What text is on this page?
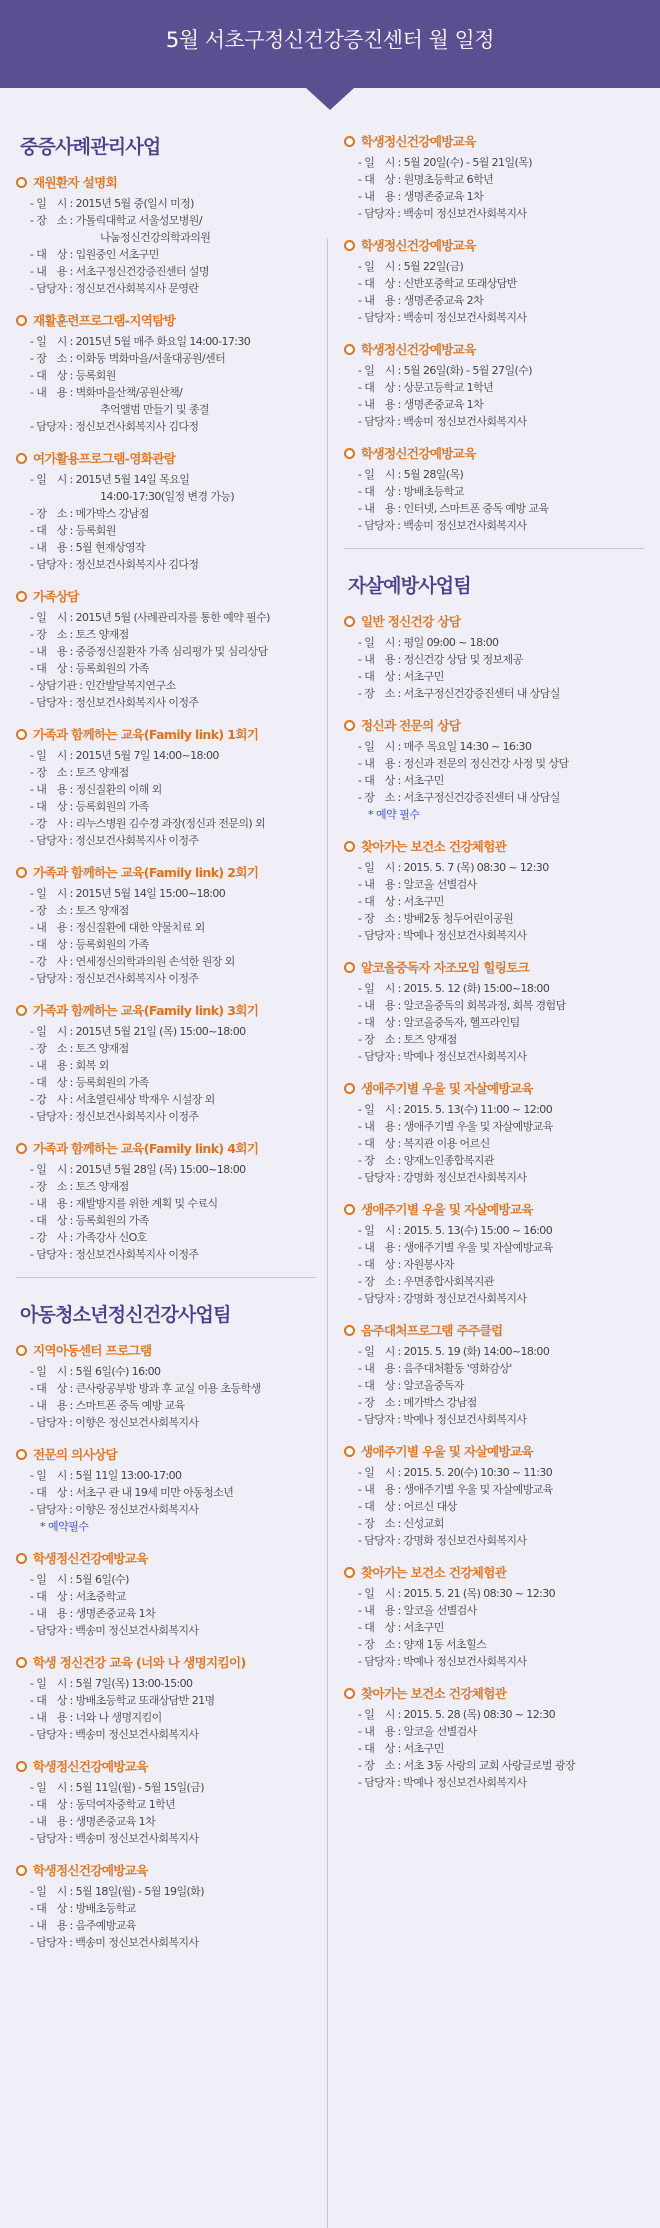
5월 서초구정신건강증진센터 월 일정
중증사례관리사업
재원환자 설명회
- 일　시 : 2015년 5월 중(일시 미정)
- 장　소 : 가톨릭대학교 서울성모병원/
나눔정신건강의학과의원
- 대　상 : 입원중인 서초구민
- 내　용 : 서초구정신건강증진센터 설명
- 담당자 : 정신보건사회복지사 문영란
재활훈련프로그램-지역탐방
- 일　시 : 2015년 5월 매주 화요일 14:00-17:30
- 장　소 : 이화동 벽화마을/서울대공원/센터
- 대　상 : 등록회원
- 내　용 : 벽화마을산책/공원산책/
추억앨범 만들기 및 종결
- 담당자 : 정신보건사회복지사 김다정
여가활용프로그램-영화관람
- 일　시 : 2015년 5월 14일 목요일
14:00-17:30(일정 변경 가능)
- 장　소 : 메가박스 강남점
- 대　상 : 등록회원
- 내　용 : 5월 현재상영작
- 담당자 : 정신보건사회복지사 김다정
가족상담
- 일　시 : 2015년 5월 (사례관리자를 통한 예약 필수)
- 장　소 : 토즈 양재점
- 내　용 : 중증정신질환자 가족 심리평가 및 심리상담
- 대　상 : 등록회원의 가족
- 상담기관 : 인간발달복지연구소
- 담당자 : 정신보건사회복지사 이정주
가족과 함께하는 교육(Family link) 1회기
- 일　시 : 2015년 5월 7일 14:00~18:00
- 장　소 : 토즈 양재점
- 내　용 : 정신질환의 이해 외
- 대　상 : 등록회원의 가족
- 강　사 : 리누스병원 김수경 과장(정신과 전문의) 외
- 담당자 : 정신보건사회복지사 이정주
가족과 함께하는 교육(Family link) 2회기
- 일　시 : 2015년 5월 14일 15:00~18:00
- 장　소 : 토즈 양재점
- 내　용 : 정신질환에 대한 약물치료 외
- 대　상 : 등록회원의 가족
- 강　사 : 연세정신의학과의원 손석한 원장 외
- 담당자 : 정신보건사회복지사 이정주
가족과 함께하는 교육(Family link) 3회기
- 일　시 : 2015년 5월 21일 (목) 15:00~18:00
- 장　소 : 토즈 양재점
- 내　용 : 회복 외
- 대　상 : 등록회원의 가족
- 강　사 : 서초열린세상 박재우 시설장 외
- 담당자 : 정신보건사회복지사 이정주
가족과 함께하는 교육(Family link) 4회기
- 일　시 : 2015년 5월 28일 (목) 15:00~18:00
- 장　소 : 토즈 양재점
- 내　용 : 재발방지를 위한 계획 및 수료식
- 대　상 : 등록회원의 가족
- 강　사 : 가족강사 신O호
- 담당자 : 정신보건사회복지사 이정주
아동청소년정신건강사업팀
지역아동센터 프로그램
- 일　시 : 5월 6일(수) 16:00
- 대　상 : 큰사랑공부방 방과 후 교실 이용 초등학생
- 내　용 : 스마트폰 중독 예방 교육
- 담당자 : 이향은 정신보건사회복지사
전문의 의사상담
- 일　시 : 5월 11일 13:00-17:00
- 대　상 : 서초구 관 내 19세 미만 아동청소년
- 담당자 : 이향은 정신보건사회복지사
* 예약필수
학생정신건강예방교육
- 일　시 : 5월 6일(수)
- 대　상 : 서초중학교
- 내　용 : 생명존중교육 1차
- 담당자 : 백송미 정신보건사회복지사
학생 정신건강 교육 (너와 나 생명지킴이)
- 일　시 : 5월 7일(목) 13:00-15:00
- 대　상 : 방배초등학교 또래상담반 21명
- 내　용 : 너와 나 생명지킴이
- 담당자 : 백송미 정신보건사회복지사
학생정신건강예방교육
- 일　시 : 5월 11일(월) - 5월 15일(금)
- 대　상 : 동덕여자중학교 1학년
- 내　용 : 생명존중교육 1차
- 담당자 : 백송미 정신보건사회복지사
학생정신건강예방교육
- 일　시 : 5월 18일(월) - 5월 19일(화)
- 대　상 : 방배초등학교
- 내　용 : 음주예방교육
- 담당자 : 백송미 정신보건사회복지사
학생정신건강예방교육
- 일　시 : 5월 20일(수) - 5월 21일(목)
- 대　상 : 원명초등학교 6학년
- 내　용 : 생명존중교육 1차
- 담당자 : 백송미 정신보건사회복지사
학생정신건강예방교육
- 일　시 : 5월 22일(금)
- 대　상 : 신반포중학교 또래상담반
- 내　용 : 생명존중교육 2차
- 담당자 : 백송미 정신보건사회복지사
학생정신건강예방교육
- 일　시 : 5월 26일(화) - 5월 27일(수)
- 대　상 : 상문고등학교 1학년
- 내　용 : 생명존중교육 1차
- 담당자 : 백송미 정신보건사회복지사
학생정신건강예방교육
- 일　시 : 5월 28일(목)
- 대　상 : 방배초등학교
- 내　용 : 인터넷, 스마트폰 중독 예방 교육
- 담당자 : 백송미 정신보건사회복지사
자살예방사업팀
일반 정신건강 상담
- 일　시 : 평일 09:00 ~ 18:00
- 내　용 : 정신건강 상담 및 정보제공
- 대　상 : 서초구민
- 장　소 : 서초구정신건강증진센터 내 상담실
정신과 전문의 상담
- 일　시 : 매주 목요일 14:30 ~ 16:30
- 내　용 : 정신과 전문의 정신건강 사정 및 상담
- 대　상 : 서초구민
- 장　소 : 서초구정신건강증진센터 내 상담실
* 예약 필수
찾아가는 보건소 건강체험관
- 일　시 : 2015. 5. 7 (목) 08:30 ~ 12:30
- 내　용 : 알코올 선별검사
- 대　상 : 서초구민
- 장　소 : 방배2동 청두어린이공원
- 담당자 : 박예나 정신보건사회복지사
알코올중독자 자조모임 힐링토크
- 일　시 : 2015. 5. 12 (화) 15:00~18:00
- 내　용 : 알코올중독의 회복과정, 회복 경험담
- 대　상 : 알코올중독자, 헬프라인팀
- 장　소 : 토즈 양재점
- 담당자 : 박예나 정신보건사회복지사
생애주기별 우울 및 자살예방교육
- 일　시 : 2015. 5. 13(수) 11:00 ~ 12:00
- 내　용 : 생애주기별 우울 및 자살예방교육
- 대　상 : 복지관 이용 어르신
- 장　소 : 양재노인종합복지관
- 담당자 : 강명화 정신보건사회복지사
생애주기별 우울 및 자살예방교육
- 일　시 : 2015. 5. 13(수) 15:00 ~ 16:00
- 내　용 : 생애주기별 우울 및 자살예방교육
- 대　상 : 자원봉사자
- 장　소 : 우면종합사회복지관
- 담당자 : 강명화 정신보건사회복지사
음주대처프로그램 주주클럽
- 일　시 : 2015. 5. 19 (화) 14:00~18:00
- 내　용 : 음주대처활동 '영화감상'
- 대　상 : 알코올중독자
- 장　소 : 메가박스 강남점
- 담당자 : 박예나 정신보건사회복지사
생애주기별 우울 및 자살예방교육
- 일　시 : 2015. 5. 20(수) 10:30 ~ 11:30
- 내　용 : 생애주기별 우울 및 자살예방교육
- 대　상 : 어르신 대상
- 장　소 : 신성교회
- 담당자 : 강명화 정신보건사회복지사
찾아가는 보건소 건강체험관
- 일　시 : 2015. 5. 21 (목) 08:30 ~ 12:30
- 내　용 : 알코올 선별검사
- 대　상 : 서초구민
- 장　소 : 양재 1동 서초힐스
- 담당자 : 박예나 정신보건사회복지사
찾아가는 보건소 건강체험관
- 일　시 : 2015. 5. 28 (목) 08:30 ~ 12:30
- 내　용 : 알코올 선별검사
- 대　상 : 서초구민
- 장　소 : 서초 3동 사랑의 교회 사랑글로벌 광장
- 담당자 : 박예나 정신보건사회복지사
